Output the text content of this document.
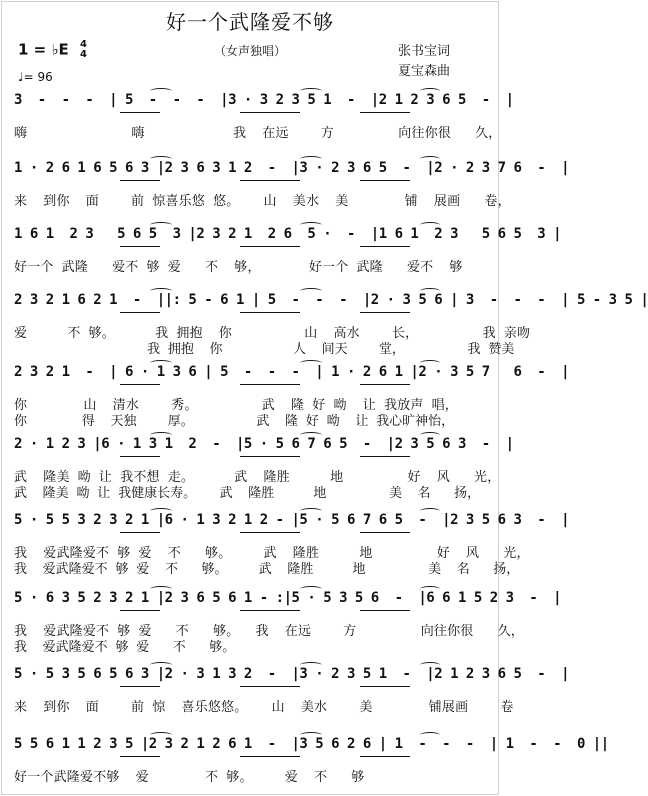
好一个武隆爱不够
1 = ♭E 4
4	（女声独唱）	张书宝词
夏宝森曲
♩= 96
3  -  -  -  | 5  -  -  -  |3 · 3 2 3 5 1  -  |2 1 2 3 6 5  -  |
嗨             嗨           我  在远    方        向往你很   久，
1 · 2 6 1 6 5 6 3 |2 3 6 3 1 2  -  |3 · 2 3 6 5  -  |2 · 2 3 7 6  -  |
来  到你  面    前 惊喜乐悠 悠。   山  美水  美       铺  展画   卷，
1 6 1  2 3   5 6 5  3 |2 3 2 1  2 6  5 ·  -  |1 6 1  2 3   5 6 5  3 |
好一个 武隆   爱不 够 爱   不  够，      好一个 武隆   爱不  够
2 3 2 1 6 2 1  -  ||: 5 - 6 1 | 5  -  -  -  |2 · 3 5 6 | 3  -  -  -  | 5 - 3 5 |
爱     不 够。     我 拥抱  你         山  高水    长，        我 亲吻
我 拥抱  你         人  间天    堂，        我 赞美
2 3 2 1  -  | 6 · 1 3 6 | 5  -  -  -  | 1 · 2 6 1 |2 · 3 5 7   6  -  |
你       山  清水    秀。        武  隆 好 呦  让 我放声 唱，
你       得  天独    厚。        武  隆 好 呦  让 我心旷神怡，
2 · 1 2 3 |6 · 1 3 1  2  -  |5 · 5 6 7 6 5  -  |2 3 5 6 3  -  |
武  隆美 呦 让 我不想 走。     武  隆胜     地        好  风   光，
武  隆美 呦 让 我健康长寿。   武  隆胜     地        美  名   扬，
5 · 5 5 3 2 3 2 1 |6 · 1 3 2 1 2 - |5 · 5 6 7 6 5  -  |2 3 5 6 3  -  |
我  爱武隆爱不 够 爱  不   够。    武  隆胜     地        好  风   光，
我  爱武隆爱不 够 爱  不   够。    武  隆胜     地        美  名   扬，
5 · 6 3 5 2 3 2 1 |2 3 6 5 6 1 - :|5 · 5 3 5 6  -  |6 6 1 5 2 3  -  |
我  爱武隆爱不 够 爱   不   够。  我  在远    方        向往你很   久，
我  爱武隆爱不 够 爱   不   够。
5 · 5 3 5 6 5 6 3 |2 · 3 1 3 2  -  |3 · 2 3 5 1  -  |2 1 2 3 6 5  -  |
来  到你  面    前 惊  喜乐悠悠。   山  美水    美       铺展画    卷
5 5 6 1 1 2 3 5 |2 3 2 1 2 6 1  -  |3 5 6 2 6 | 1  -  -  -  | 1  -  -  0 ||
好一个武隆爱不够  爱       不 够。    爱  不   够
